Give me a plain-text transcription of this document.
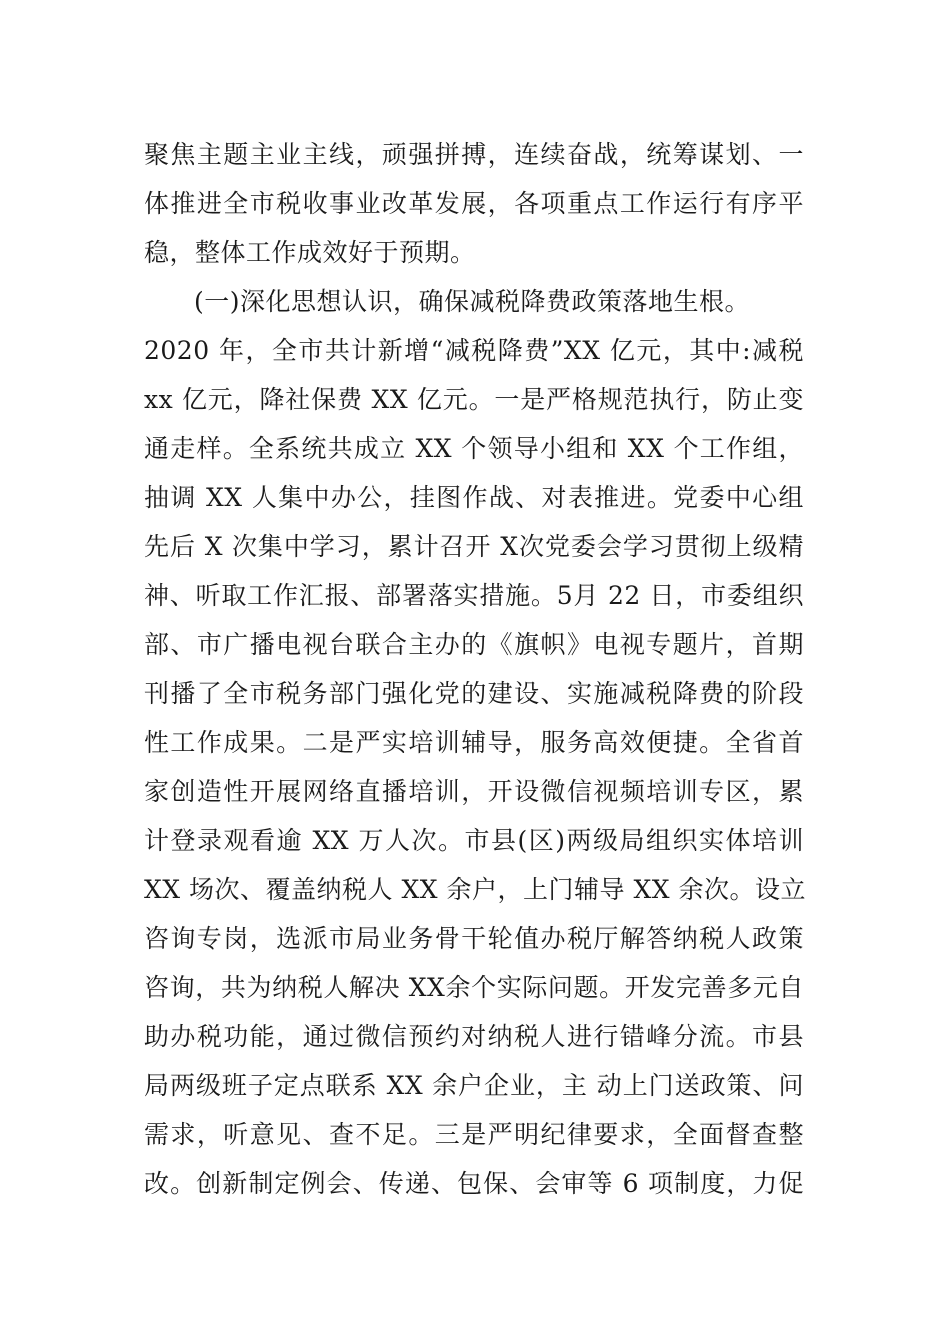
聚焦主题主业主线，顽强拼搏，连续奋战，统筹谋划、一
体推进全市税收事业改革发展，各项重点工作运行有序平
稳，整体工作成效好于预期。
(一)深化思想认识，确保减税降费政策落地生根。
2020 年，全市共计新增“减税降费”XX 亿元，其中:减税
xx 亿元，降社保费 XX 亿元。一是严格规范执行，防止变
通走样。全系统共成立 XX 个领导小组和 XX 个工作组，
抽调 XX 人集中办公，挂图作战、对表推进。党委中心组
先后 X 次集中学习，累计召开 X次党委会学习贯彻上级精
神、听取工作汇报、部署落实措施。5月 22 日，市委组织
部、市广播电视台联合主办的《旗帜》电视专题片，首期
刊播了全市税务部门强化党的建设、实施减税降费的阶段
性工作成果。二是严实培训辅导，服务高效便捷。全省首
家创造性开展网络直播培训，开设微信视频培训专区，累
计登录观看逾 XX 万人次。市县(区)两级局组织实体培训
XX 场次、覆盖纳税人 XX 余户，上门辅导 XX 余次。设立
咨询专岗，选派市局业务骨干轮值办税厅解答纳税人政策
咨询，共为纳税人解决 XX余个实际问题。开发完善多元自
助办税功能，通过微信预约对纳税人进行错峰分流。市县
局两级班子定点联系 XX 余户企业，主 动上门送政策、问
需求，听意见、查不足。三是严明纪律要求，全面督查整
改。创新制定例会、传递、包保、会审等 6 项制度，力促
